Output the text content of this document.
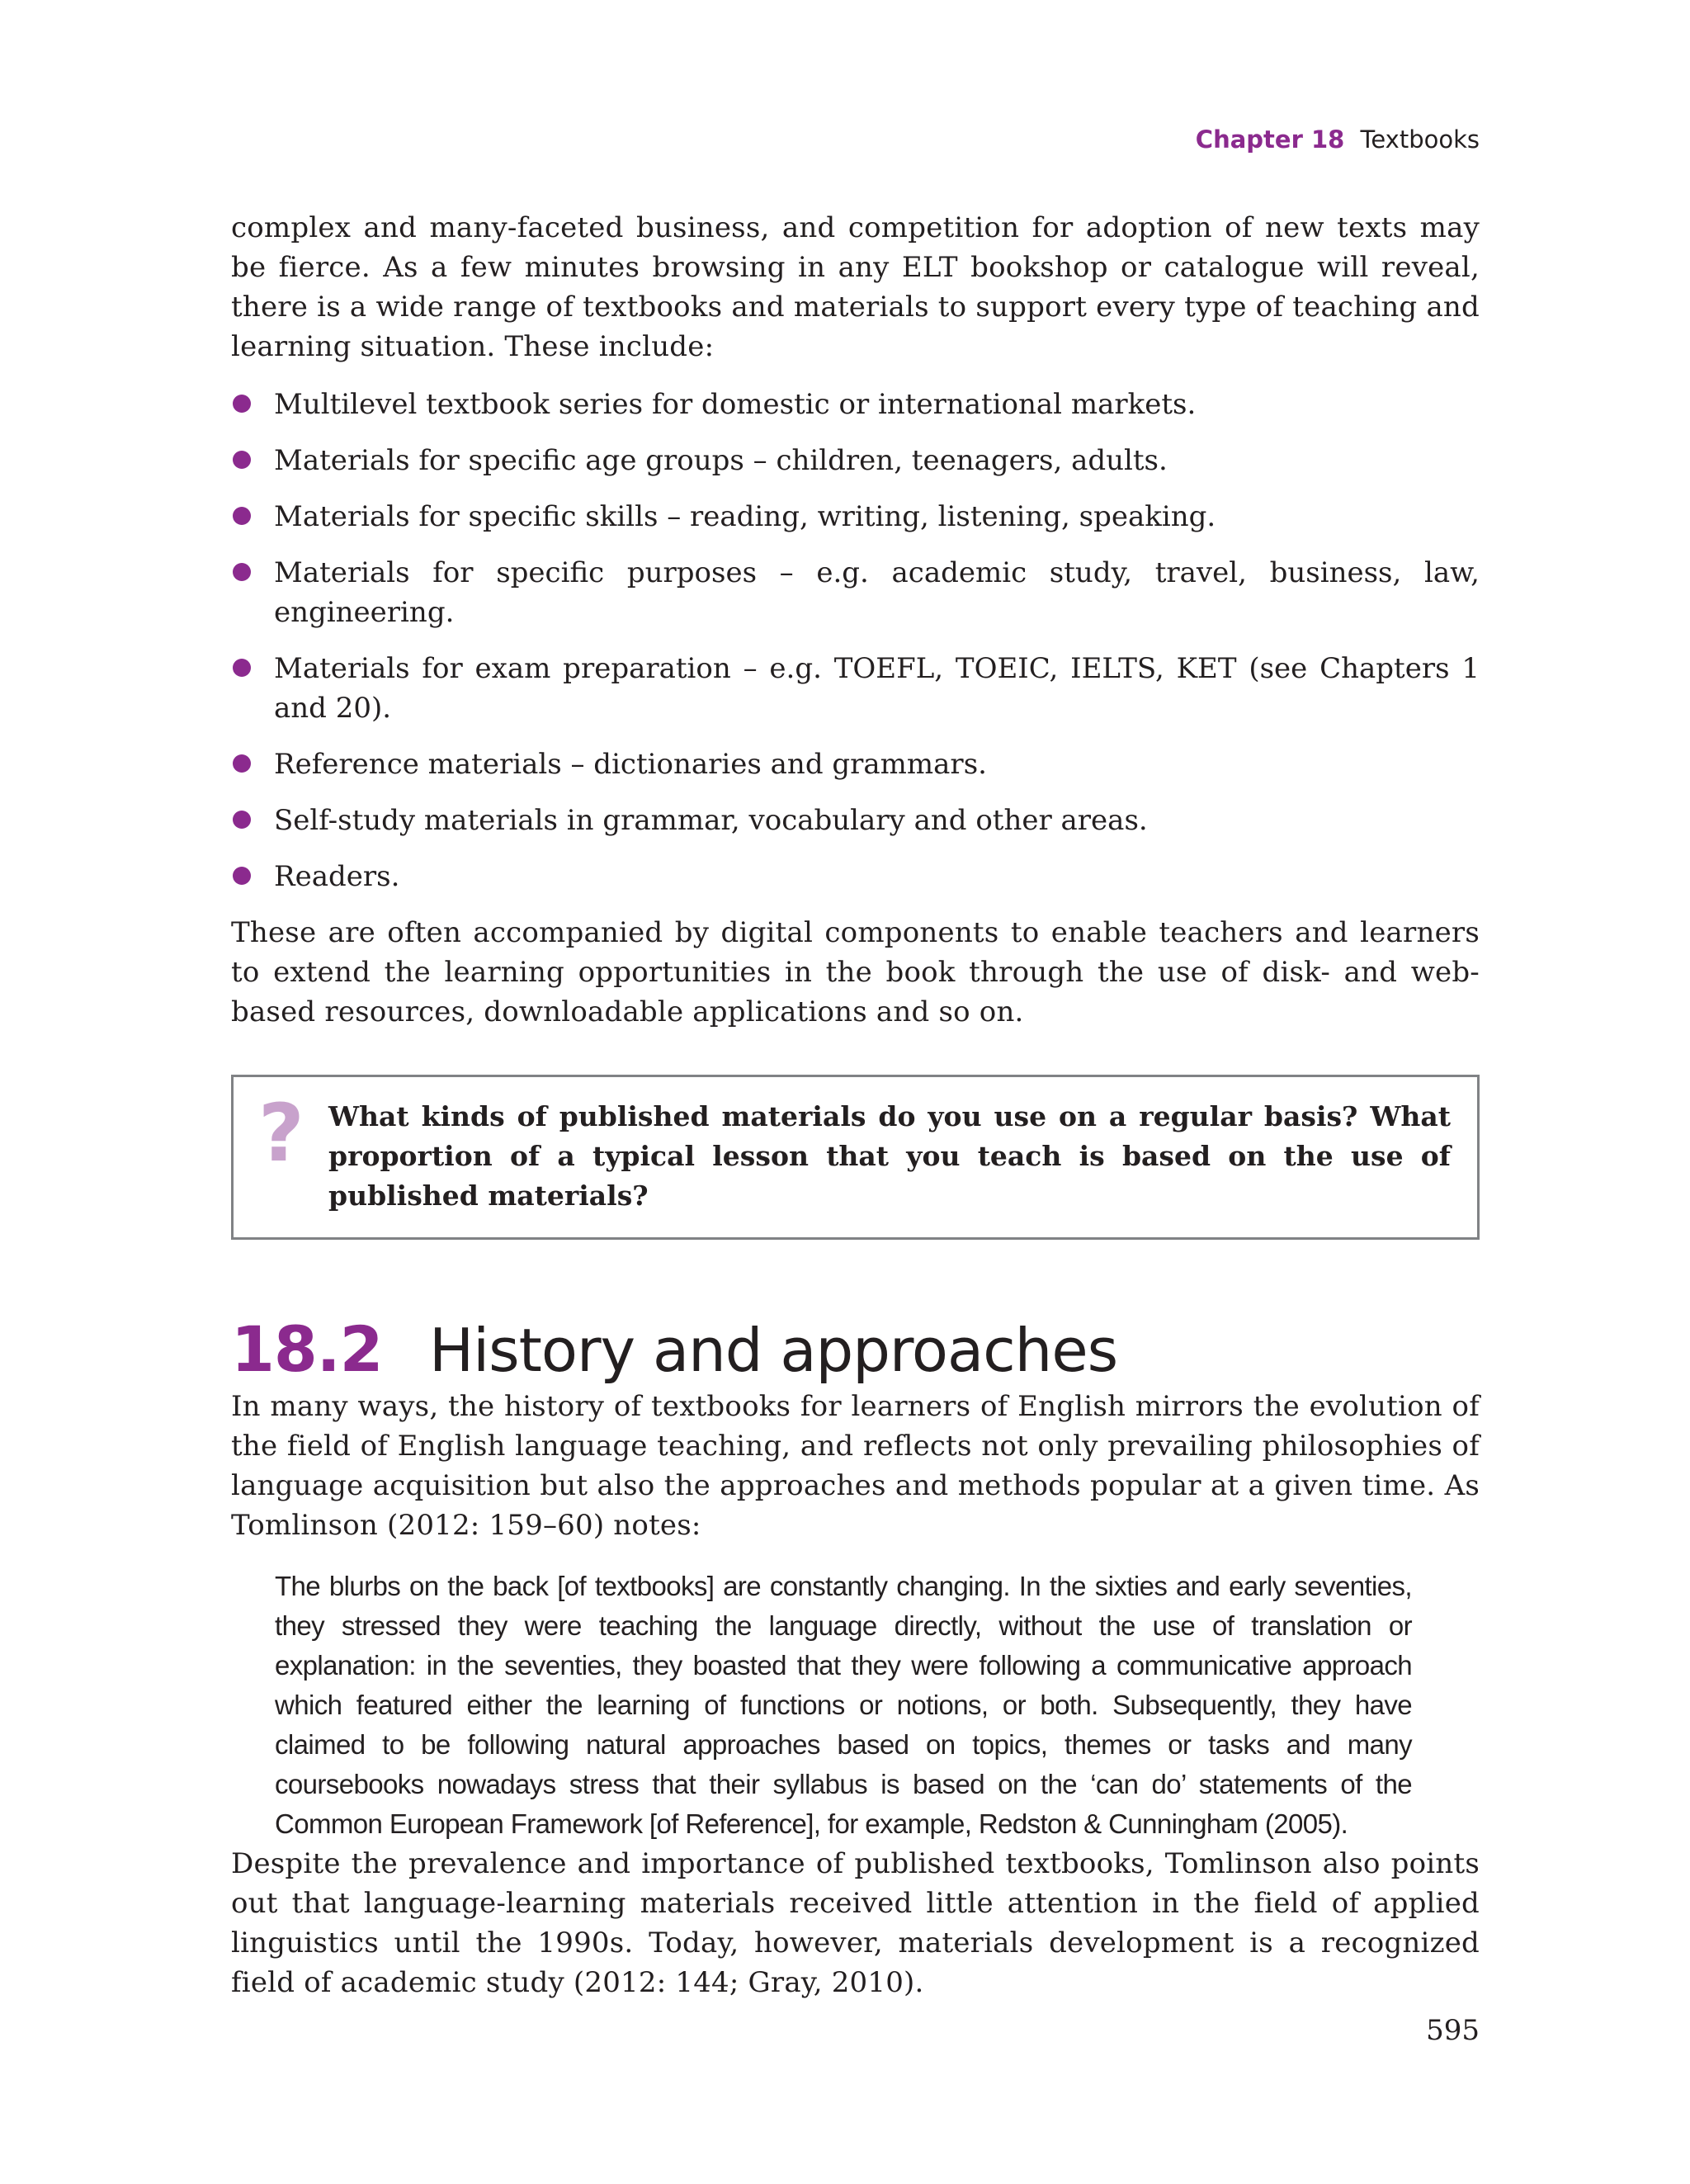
Chapter 18 Textbooks

complex and many-faceted business, and competition for adoption of new texts may be fierce. As a few minutes browsing in any ELT bookshop or catalogue will reveal, there is a wide range of textbooks and materials to support every type of teaching and learning situation. These include:

Multilevel textbook series for domestic or international markets.
Materials for specific age groups – children, teenagers, adults.
Materials for specific skills – reading, writing, listening, speaking.
Materials for specific purposes – e.g. academic study, travel, business, law, engineering.
Materials for exam preparation – e.g. TOEFL, TOEIC, IELTS, KET (see Chapters 1 and 20).
Reference materials – dictionaries and grammars.
Self-study materials in grammar, vocabulary and other areas.
Readers.

These are often accompanied by digital components to enable teachers and learners to extend the learning opportunities in the book through the use of disk- and web-based resources, downloadable applications and so on.

? What kinds of published materials do you use on a regular basis? What proportion of a typical lesson that you teach is based on the use of published materials?

18.2 History and approaches

In many ways, the history of textbooks for learners of English mirrors the evolution of the field of English language teaching, and reflects not only prevailing philosophies of language acquisition but also the approaches and methods popular at a given time. As Tomlinson (2012: 159–60) notes:

The blurbs on the back [of textbooks] are constantly changing. In the sixties and early seventies, they stressed they were teaching the language directly, without the use of translation or explanation: in the seventies, they boasted that they were following a communicative approach which featured either the learning of functions or notions, or both. Subsequently, they have claimed to be following natural approaches based on topics, themes or tasks and many coursebooks nowadays stress that their syllabus is based on the ‘can do’ statements of the Common European Framework [of Reference], for example, Redston & Cunningham (2005).

Despite the prevalence and importance of published textbooks, Tomlinson also points out that language-learning materials received little attention in the field of applied linguistics until the 1990s. Today, however, materials development is a recognized field of academic study (2012: 144; Gray, 2010).

595
